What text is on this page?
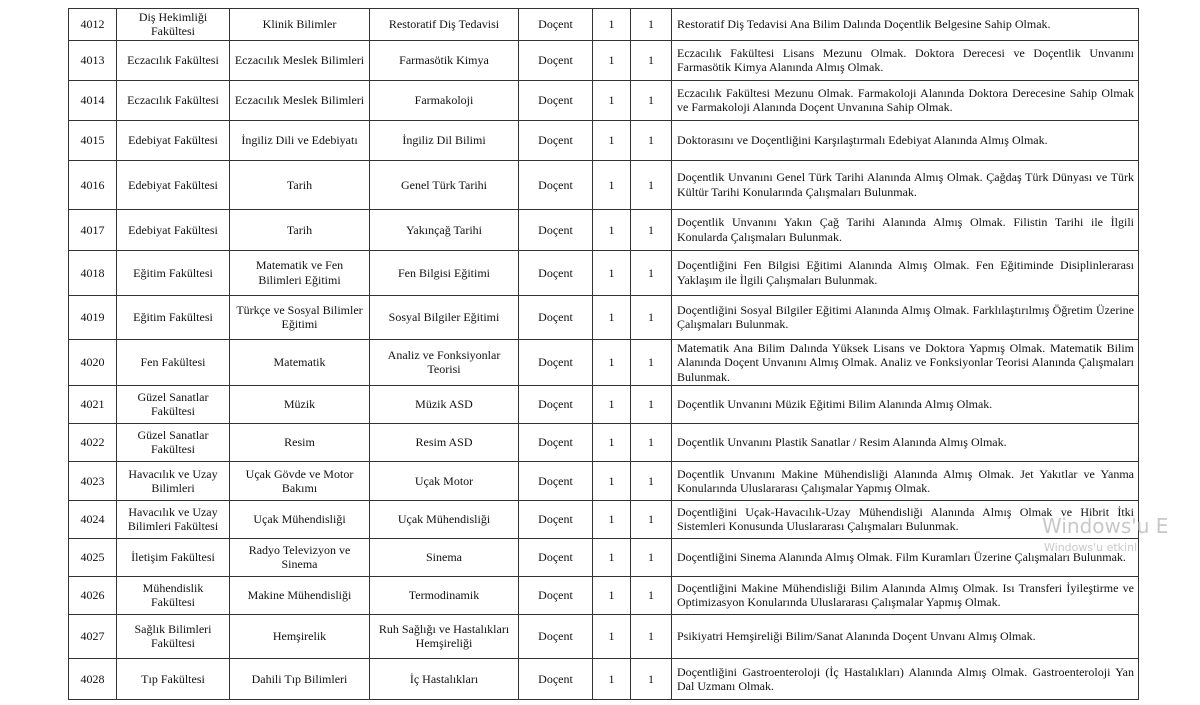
4012	Diş Hekimliği Fakültesi	Klinik Bilimler	Restoratif Diş Tedavisi	Doçent	1	1	Restoratif Diş Tedavisi Ana Bilim Dalında Doçentlik Belgesine Sahip Olmak.
4013	Eczacılık Fakültesi	Eczacılık Meslek Bilimleri	Farmasötik Kimya	Doçent	1	1	Eczacılık Fakültesi Lisans Mezunu Olmak. Doktora Derecesi ve Doçentlik Unvanını Farmasötik Kimya Alanında Almış Olmak.
4014	Eczacılık Fakültesi	Eczacılık Meslek Bilimleri	Farmakoloji	Doçent	1	1	Eczacılık Fakültesi Mezunu Olmak. Farmakoloji Alanında Doktora Derecesine Sahip Olmak ve Farmakoloji Alanında Doçent Unvanına Sahip Olmak.
4015	Edebiyat Fakültesi	İngiliz Dili ve Edebiyatı	İngiliz Dil Bilimi	Doçent	1	1	Doktorasını ve Doçentliğini Karşılaştırmalı Edebiyat Alanında Almış Olmak.
4016	Edebiyat Fakültesi	Tarih	Genel Türk Tarihi	Doçent	1	1	Doçentlik Unvanını Genel Türk Tarihi Alanında Almış Olmak. Çağdaş Türk Dünyası ve Türk Kültür Tarihi Konularında Çalışmaları Bulunmak.
4017	Edebiyat Fakültesi	Tarih	Yakınçağ Tarihi	Doçent	1	1	Doçentlik Unvanını Yakın Çağ Tarihi Alanında Almış Olmak. Filistin Tarihi ile İlgili Konularda Çalışmaları Bulunmak.
4018	Eğitim Fakültesi	Matematik ve Fen Bilimleri Eğitimi	Fen Bilgisi Eğitimi	Doçent	1	1	Doçentliğini Fen Bilgisi Eğitimi Alanında Almış Olmak. Fen Eğitiminde Disiplinlerarası Yaklaşım ile İlgili Çalışmaları Bulunmak.
4019	Eğitim Fakültesi	Türkçe ve Sosyal Bilimler Eğitimi	Sosyal Bilgiler Eğitimi	Doçent	1	1	Doçentliğini Sosyal Bilgiler Eğitimi Alanında Almış Olmak. Farklılaştırılmış Öğretim Üzerine Çalışmaları Bulunmak.
4020	Fen Fakültesi	Matematik	Analiz ve Fonksiyonlar Teorisi	Doçent	1	1	Matematik Ana Bilim Dalında Yüksek Lisans ve Doktora Yapmış Olmak. Matematik Bilim Alanında Doçent Unvanını Almış Olmak. Analiz ve Fonksiyonlar Teorisi Alanında Çalışmaları Bulunmak.
4021	Güzel Sanatlar Fakültesi	Müzik	Müzik ASD	Doçent	1	1	Doçentlik Unvanını Müzik Eğitimi Bilim Alanında Almış Olmak.
4022	Güzel Sanatlar Fakültesi	Resim	Resim ASD	Doçent	1	1	Doçentlik Unvanını Plastik Sanatlar / Resim Alanında Almış Olmak.
4023	Havacılık ve Uzay Bilimleri	Uçak Gövde ve Motor Bakımı	Uçak Motor	Doçent	1	1	Doçentlik Unvanını Makine Mühendisliği Alanında Almış Olmak. Jet Yakıtlar ve Yanma Konularında Uluslararası Çalışmalar Yapmış Olmak.
4024	Havacılık ve Uzay Bilimleri Fakültesi	Uçak Mühendisliği	Uçak Mühendisliği	Doçent	1	1	Doçentliğini Uçak-Havacılık-Uzay Mühendisliği Alanında Almış Olmak ve Hibrit İtki Sistemleri Konusunda Uluslararası Çalışmaları Bulunmak.
4025	İletişim Fakültesi	Radyo Televizyon ve Sinema	Sinema	Doçent	1	1	Doçentliğini Sinema Alanında Almış Olmak. Film Kuramları Üzerine Çalışmaları Bulunmak.
4026	Mühendislik Fakültesi	Makine Mühendisliği	Termodinamik	Doçent	1	1	Doçentliğini Makine Mühendisliği Bilim Alanında Almış Olmak. Isı Transferi İyileştirme ve Optimizasyon Konularında Uluslararası Çalışmalar Yapmış Olmak.
4027	Sağlık Bilimleri Fakültesi	Hemşirelik	Ruh Sağlığı ve Hastalıkları Hemşireliği	Doçent	1	1	Psikiyatri Hemşireliği Bilim/Sanat Alanında Doçent Unvanı Almış Olmak.
4028	Tıp Fakültesi	Dahili Tıp Bilimleri	İç Hastalıkları	Doçent	1	1	Doçentliğini Gastroenteroloji (İç Hastalıkları) Alanında Almış Olmak. Gastroenteroloji Yan Dal Uzmanı Olmak.
Windows'u E
Windows'u etkinl
